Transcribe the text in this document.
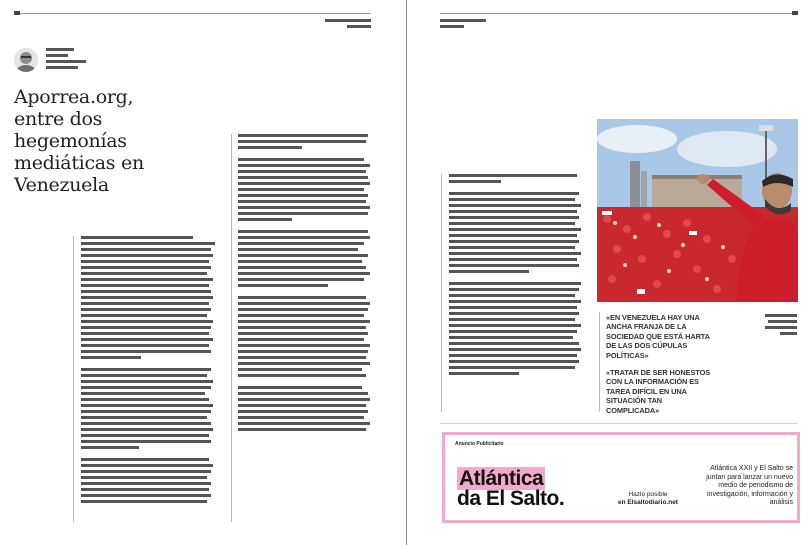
Aporrea.org, entre dos hegemonías mediáticas en Venezuela
«EN VENEZUELA HAY UNA ANCHA FRANJA DE LA SOCIEDAD QUE ESTÁ HARTA DE LAS DOS CÚPULAS POLÍTICAS»
«TRATAR DE SER HONESTOS CON LA INFORMACIÓN ES TAREA DIFÍCIL EN UNA SITUACIÓN TAN COMPLICADA»
Anuncio Publicitario
Atlántica
da El Salto.	Hazlo posible
en Elsaltodiario.net
Atlántica XXII y El Salto se juntan para lanzar un nuevo medio de periodismo de investigación, información y análisis
